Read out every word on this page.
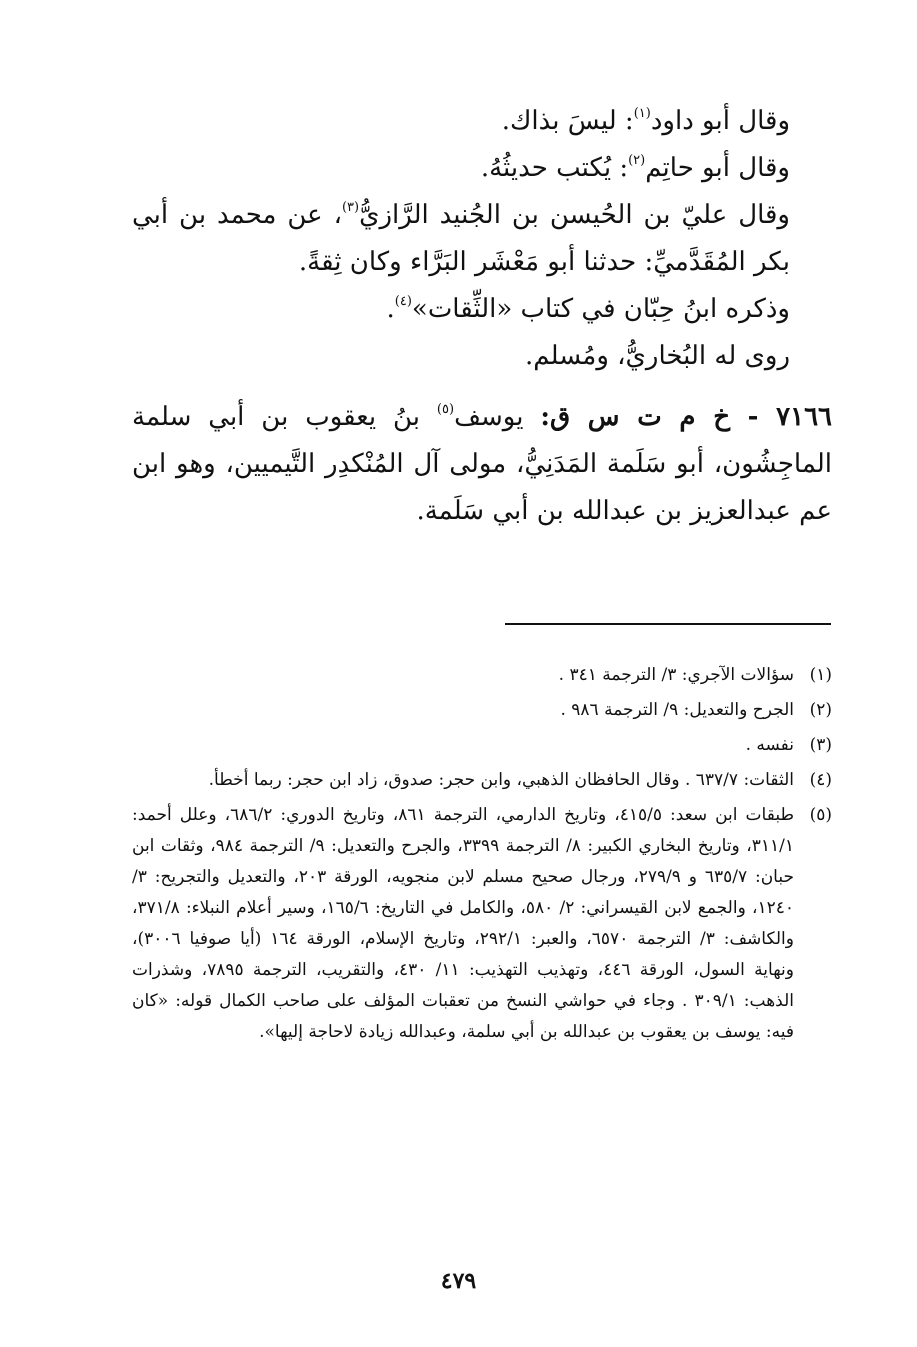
وقال أبو داود$^{(١)}$: ليسَ بذاك.

وقال أبو حاتِم$^{(٢)}$: يُكتب حديثُهُ.

وقال عليّ بن الحُيسن بن الجُنيد الرَّازيُّ$^{(٣)}$، عن محمد بن أبي بكر المُقَدَّميِّ: حدثنا أبو مَعْشَر البَرَّاء وكان ثِقةً.

وذكره ابنُ حِبّان في كتاب «الثِّقات»$^{(٤)}$.

روى له البُخاريُّ، ومُسلم.

٧١٦٦ - خ م ت س ق: يوسف$^{(٥)}$ بنُ يعقوب بن أبي سلمة الماجِشُون، أبو سَلَمة المَدَنِيُّ، مولى آل المُنْكدِر التَّيميين، وهو ابن عم عبدالعزيز بن عبدالله بن أبي سَلَمة.

(١)
سؤالات الآجري: ٣/ الترجمة ٣٤١ .
(٢)
الجرح والتعديل: ٩/ الترجمة ٩٨٦ .
(٣)
نفسه .
(٤)
الثقات: ٦٣٧/٧ . وقال الحافظان الذهبي، وابن حجر: صدوق، زاد ابن حجر: ربما أخطأ.
(٥)
طبقات ابن سعد: ٤١٥/٥، وتاريخ الدارمي، الترجمة ٨٦١، وتاريخ الدوري: ٦٨٦/٢، وعلل أحمد: ٣١١/١، وتاريخ البخاري الكبير: ٨/ الترجمة ٣٣٩٩، والجرح والتعديل: ٩/ الترجمة ٩٨٤، وثقات ابن حبان: ٦٣٥/٧ و ٢٧٩/٩، ورجال صحيح مسلم لابن منجويه، الورقة ٢٠٣، والتعديل والتجريح: ٣/ ١٢٤٠، والجمع لابن القيسراني: ٢/ ٥٨٠، والكامل في التاريخ: ١٦٥/٦، وسير أعلام النبلاء: ٣٧١/٨، والكاشف: ٣/ الترجمة ٦٥٧٠، والعبر: ٢٩٢/١، وتاريخ الإسلام، الورقة ١٦٤ (أيا صوفيا ٣٠٠٦)، ونهاية السول، الورقة ٤٤٦، وتهذيب التهذيب: ١١/ ٤٣٠، والتقريب، الترجمة ٧٨٩٥، وشذرات الذهب: ٣٠٩/١ . وجاء في حواشي النسخ من تعقبات المؤلف على صاحب الكمال قوله: «كان فيه: يوسف بن يعقوب بن عبدالله بن أبي سلمة، وعبدالله زيادة لاحاجة إليها».
٤٧٩
